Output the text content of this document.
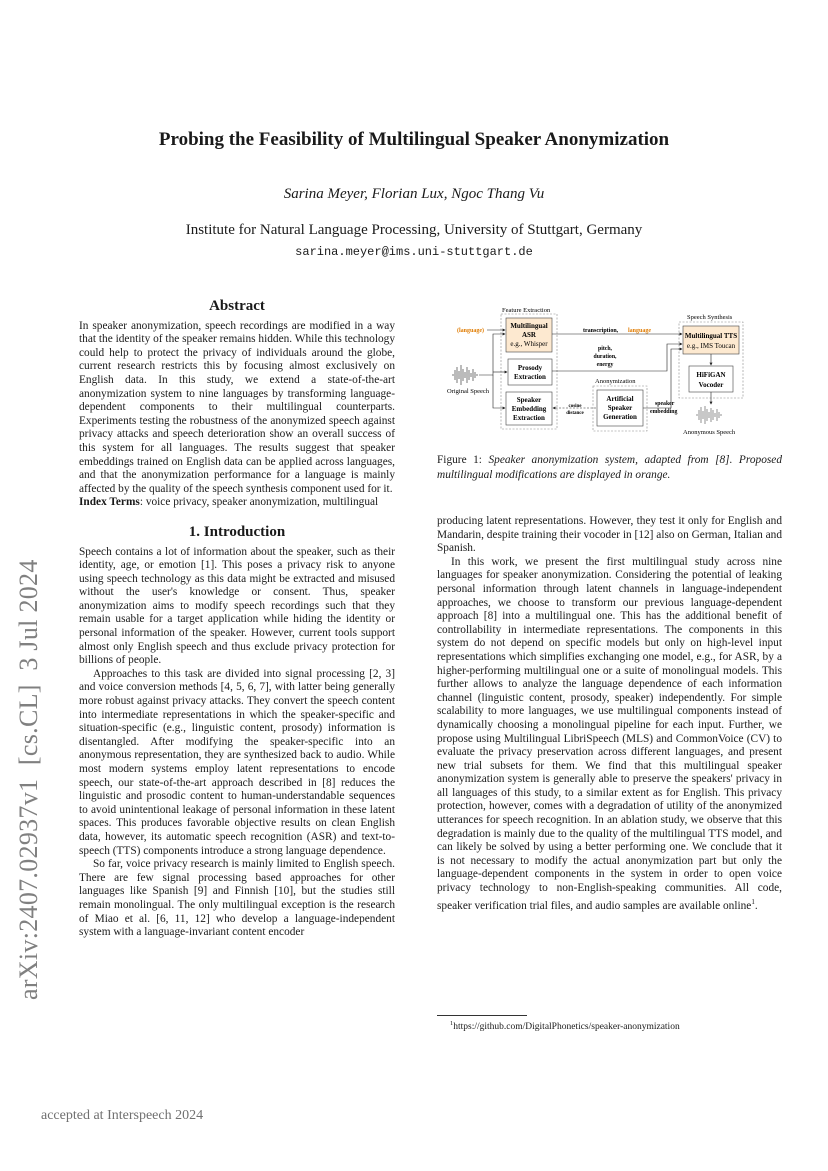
Probing the Feasibility of Multilingual Speaker Anonymization
Sarina Meyer, Florian Lux, Ngoc Thang Vu
Institute for Natural Language Processing, University of Stuttgart, Germany
sarina.meyer@ims.uni-stuttgart.de
arXiv:2407.02937v1  [cs.CL]  3 Jul 2024
Abstract

In speaker anonymization, speech recordings are modified in a way that the identity of the speaker remains hidden. While this technology could help to protect the privacy of individuals around the globe, current research restricts this by focusing almost exclusively on English data. In this study, we extend a state-of-the-art anonymization system to nine languages by transforming language-dependent components to their multilingual counterparts. Experiments testing the robustness of the anonymized speech against privacy attacks and speech deterioration show an overall success of this system for all languages. The results suggest that speaker embeddings trained on English data can be applied across languages, and that the anonymization performance for a language is mainly affected by the quality of the speech synthesis component used for it.

Index Terms: voice privacy, speaker anonymization, multilingual

1. Introduction

Speech contains a lot of information about the speaker, such as their identity, age, or emotion [1]. This poses a privacy risk to anyone using speech technology as this data might be extracted and misused without the user's knowledge or consent. Thus, speaker anonymization aims to modify speech recordings such that they remain usable for a target application while hiding the identity or personal information of the speaker. However, current tools support almost only English speech and thus exclude privacy protection for billions of people.

Approaches to this task are divided into signal processing [2, 3] and voice conversion methods [4, 5, 6, 7], with latter being generally more robust against privacy attacks. They convert the speech content into intermediate representations in which the speaker-specific and situation-specific (e.g., linguistic content, prosody) information is disentangled. After modifying the speaker-specific into an anonymous representation, they are synthesized back to audio. While most modern systems employ latent representations to encode speech, our state-of-the-art approach described in [8] reduces the linguistic and prosodic content to human-understandable sequences to avoid unintentional leakage of personal information in these latent spaces. This produces favorable objective results on clean English data, however, its automatic speech recognition (ASR) and text-to-speech (TTS) components introduce a strong language dependence.

So far, voice privacy research is mainly limited to English speech. There are few signal processing based approaches for other languages like Spanish [9] and Finnish [10], but the studies still remain monolingual. The only multilingual exception is the research of Miao et al. [6, 11, 12] who develop a language-independent system with a language-invariant content encoder

Feature Extraction
Speech Synthesis
Anonymization
Multilingual
ASR
e.g., Whisper
Prosody
Extraction
Speaker
Embedding
Extraction
Artificial
Speaker
Generation
Multilingual TTS
e.g., IMS Toucan
HiFiGAN
Vocoder
(language)
Original Speech
transcription, language
pitch,
duration,
energy
cosine
distance
speaker
embedding
Anonymous Speech
Figure 1: Speaker anonymization system, adapted from [8]. Proposed multilingual modifications are displayed in orange.

producing latent representations. However, they test it only for English and Mandarin, despite training their vocoder in [12] also on German, Italian and Spanish.

In this work, we present the first multilingual study across nine languages for speaker anonymization. Considering the potential of leaking personal information through latent channels in language-independent approaches, we choose to transform our previous language-dependent approach [8] into a multilingual one. This has the additional benefit of controllability in intermediate representations. The components in this system do not depend on specific models but only on high-level input representations which simplifies exchanging one model, e.g., for ASR, by a higher-performing multilingual one or a suite of monolingual models. This further allows to analyze the language dependence of each information channel (linguistic content, prosody, speaker) independently. For simple scalability to more languages, we use multilingual components instead of dynamically choosing a monolingual pipeline for each input. Further, we propose using Multilingual LibriSpeech (MLS) and CommonVoice (CV) to evaluate the privacy preservation across different languages, and present new trial subsets for them. We find that this multilingual speaker anonymization system is generally able to preserve the speakers' privacy in all languages of this study, to a similar extent as for English. This privacy protection, however, comes with a degradation of utility of the anonymized utterances for speech recognition. In an ablation study, we observe that this degradation is mainly due to the quality of the multilingual TTS model, and can likely be solved by using a better performing one. We conclude that it is not necessary to modify the actual anonymization part but only the language-dependent components in the system in order to open voice privacy technology to non-English-speaking communities. All code, speaker verification trial files, and audio samples are available online$^1$.

$^1$https://github.com/DigitalPhonetics/speaker-anonymization
accepted at Interspeech 2024
